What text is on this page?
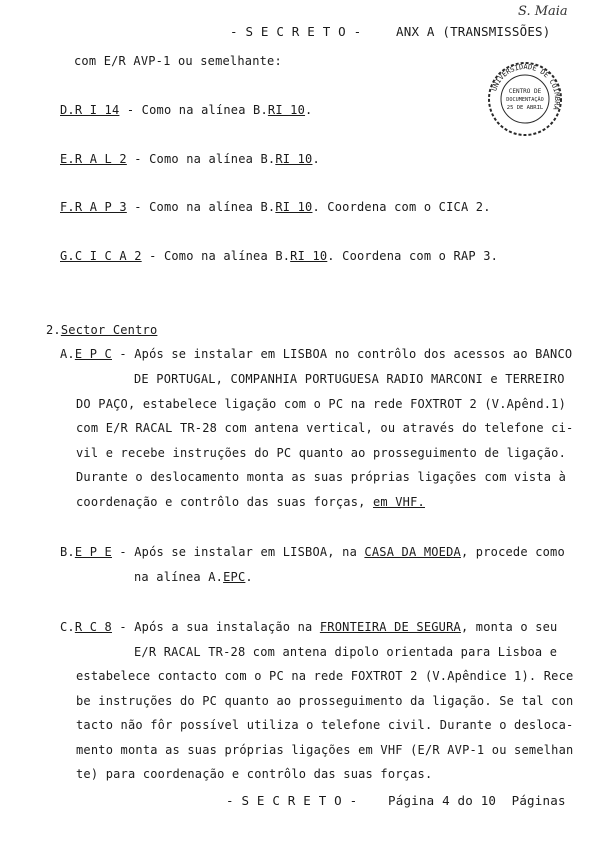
S. Maia
- S E C R E T O -	ANX A (TRANSMISSÕES)
CENTRO DE
DOCUMENTAÇÃO
25 DE ABRIL
UNIVERSIDADE DE COIMBRA
com E/R AVP-1 ou semelhante:
D.R I 14 - Como na alínea B.RI 10.
E.R A L 2 - Como na alínea B.RI 10.
F.R A P 3 - Como na alínea B.RI 10. Coordena com o CICA 2.
G.C I C A 2 - Como na alínea B.RI 10. Coordena com o RAP 3.
2.Sector Centro
A.E P C - Após se instalar em LISBOA no contrôlo dos acessos ao BANCO
DE PORTUGAL, COMPANHIA PORTUGUESA RADIO MARCONI e TERREIRO
DO PAÇO, estabelece ligação com o PC na rede FOXTROT 2 (V.Apênd.1)
com E/R RACAL TR-28 com antena vertical, ou através do telefone ci-
vil e recebe instruções do PC quanto ao prosseguimento de ligação.
Durante o deslocamento monta as suas próprias ligações com vista à
coordenação e contrôlo das suas forças, em VHF.
B.E P E - Após se instalar em LISBOA, na CASA DA MOEDA, procede como
na alínea A.EPC.
C.R C 8 - Após a sua instalação na FRONTEIRA DE SEGURA, monta o seu
E/R RACAL TR-28 com antena dipolo orientada para Lisboa e
estabelece contacto com o PC na rede FOXTROT 2 (V.Apêndice 1). Rece
be instruções do PC quanto ao prosseguimento da ligação. Se tal con
tacto não fôr possível utiliza o telefone civil. Durante o desloca-
mento monta as suas próprias ligações em VHF (E/R AVP-1 ou semelhan
te) para coordenação e contrôlo das suas forças.
- S E C R E T O - Página 4 do 10  Páginas
